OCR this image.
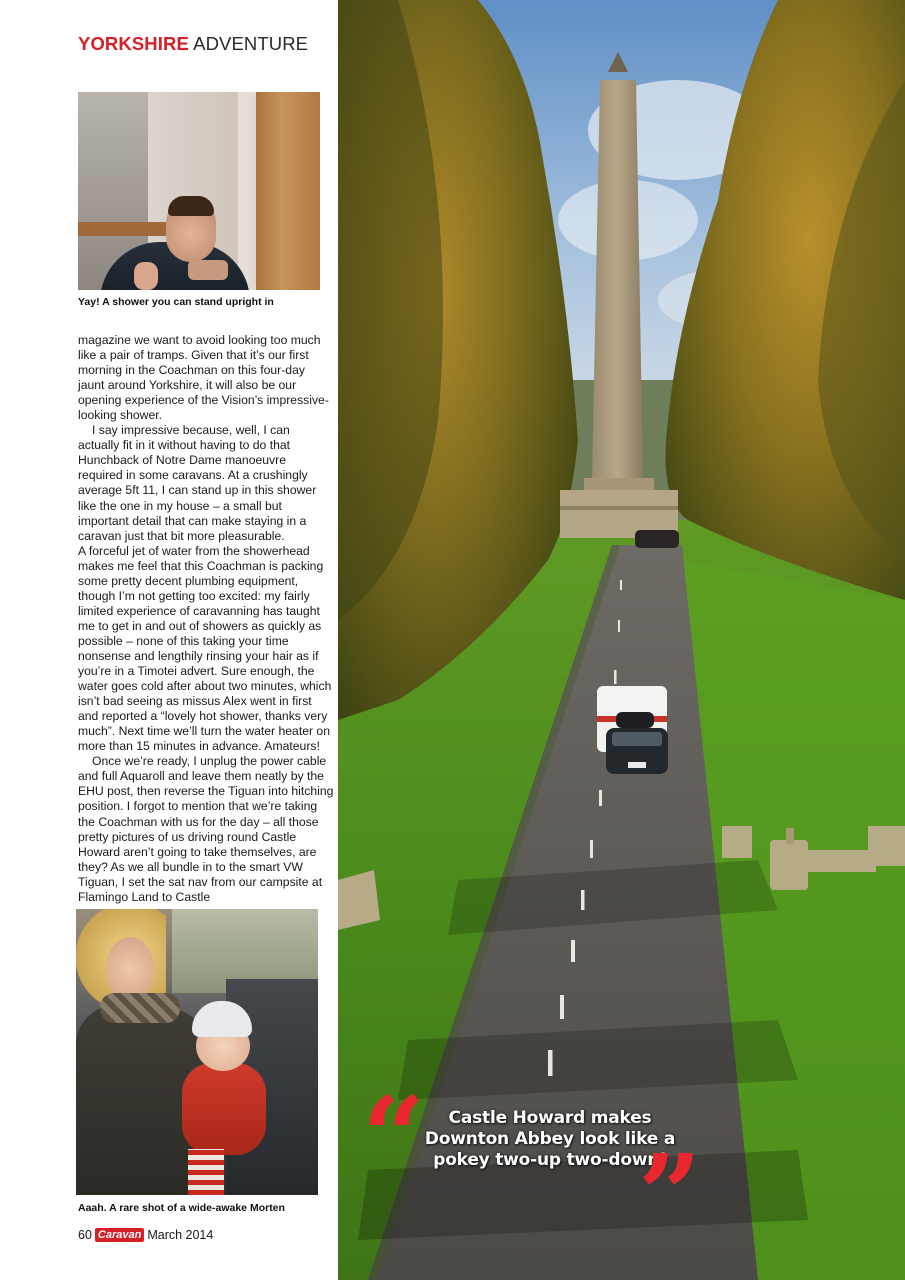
YORKSHIRE ADVENTURE
Yay! A shower you can stand upright in

magazine we want to avoid looking too much like a pair of tramps. Given that it’s our first morning in the Coachman on this four-day jaunt around Yorkshire, it will also be our opening experience of the Vision’s impressive-looking shower.

I say impressive because, well, I can actually fit in it without having to do that Hunchback of Notre Dame manoeuvre required in some caravans. At a crushingly average 5ft 11, I can stand up in this shower like the one in my house – a small but important detail that can make staying in a caravan just that bit more pleasurable.

A forceful jet of water from the showerhead makes me feel that this Coachman is packing some pretty decent plumbing equipment, though I’m not getting too excited: my fairly limited experience of caravanning has taught me to get in and out of showers as quickly as possible – none of this taking your time nonsense and lengthily rinsing your hair as if you’re in a Timotei advert. Sure enough, the water goes cold after about two minutes, which isn’t bad seeing as missus Alex went in first and reported a “lovely hot shower, thanks very much”. Next time we’ll turn the water heater on more than 15 minutes in advance. Amateurs!

Once we’re ready, I unplug the power cable and full Aquaroll and leave them neatly by the EHU post, then reverse the Tiguan into hitching position. I forgot to mention that we’re taking the Coachman with us for the day – all those pretty pictures of us driving round Castle Howard aren’t going to take themselves, are they? As we all bundle in to the smart VW Tiguan, I set the sat nav from our campsite at Flamingo Land to Castle

Aaah. A rare shot of a wide-awake Morten
60 Caravan March 2014
“	Castle Howard makes Downton Abbey look like a pokey two-up two-down!
”
